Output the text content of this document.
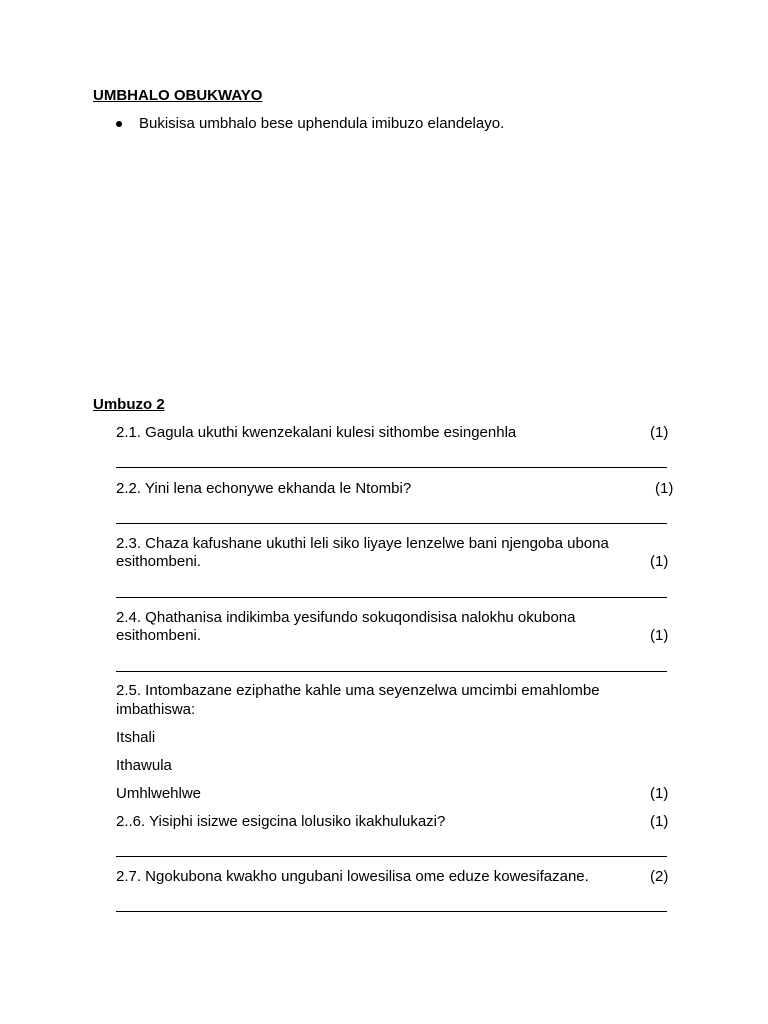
UMBHALO OBUKWAYO
Bukisisa umbhalo bese uphendula imibuzo elandelayo.
Umbuzo 2
2.1. Gagula ukuthi kwenzekalani kulesi sithombe esingenhla	(1)
2.2. Yini lena echonywe ekhanda le Ntombi?	(1)
2.3. Chaza kafushane ukuthi leli siko liyaye lenzelwe bani njengoba ubona
esithombeni.	(1)
2.4. Qhathanisa indikimba yesifundo sokuqondisisa nalokhu okubona
esithombeni.	(1)
2.5. Intombazane eziphathe kahle uma seyenzelwa umcimbi emahlombe
imbathiswa:
Itshali
Ithawula
Umhlwehlwe	(1)
2..6. Yisiphi isizwe esigcina lolusiko ikakhulukazi?	(1)
2.7. Ngokubona kwakho ungubani lowesilisa ome eduze kowesifazane.	(2)
